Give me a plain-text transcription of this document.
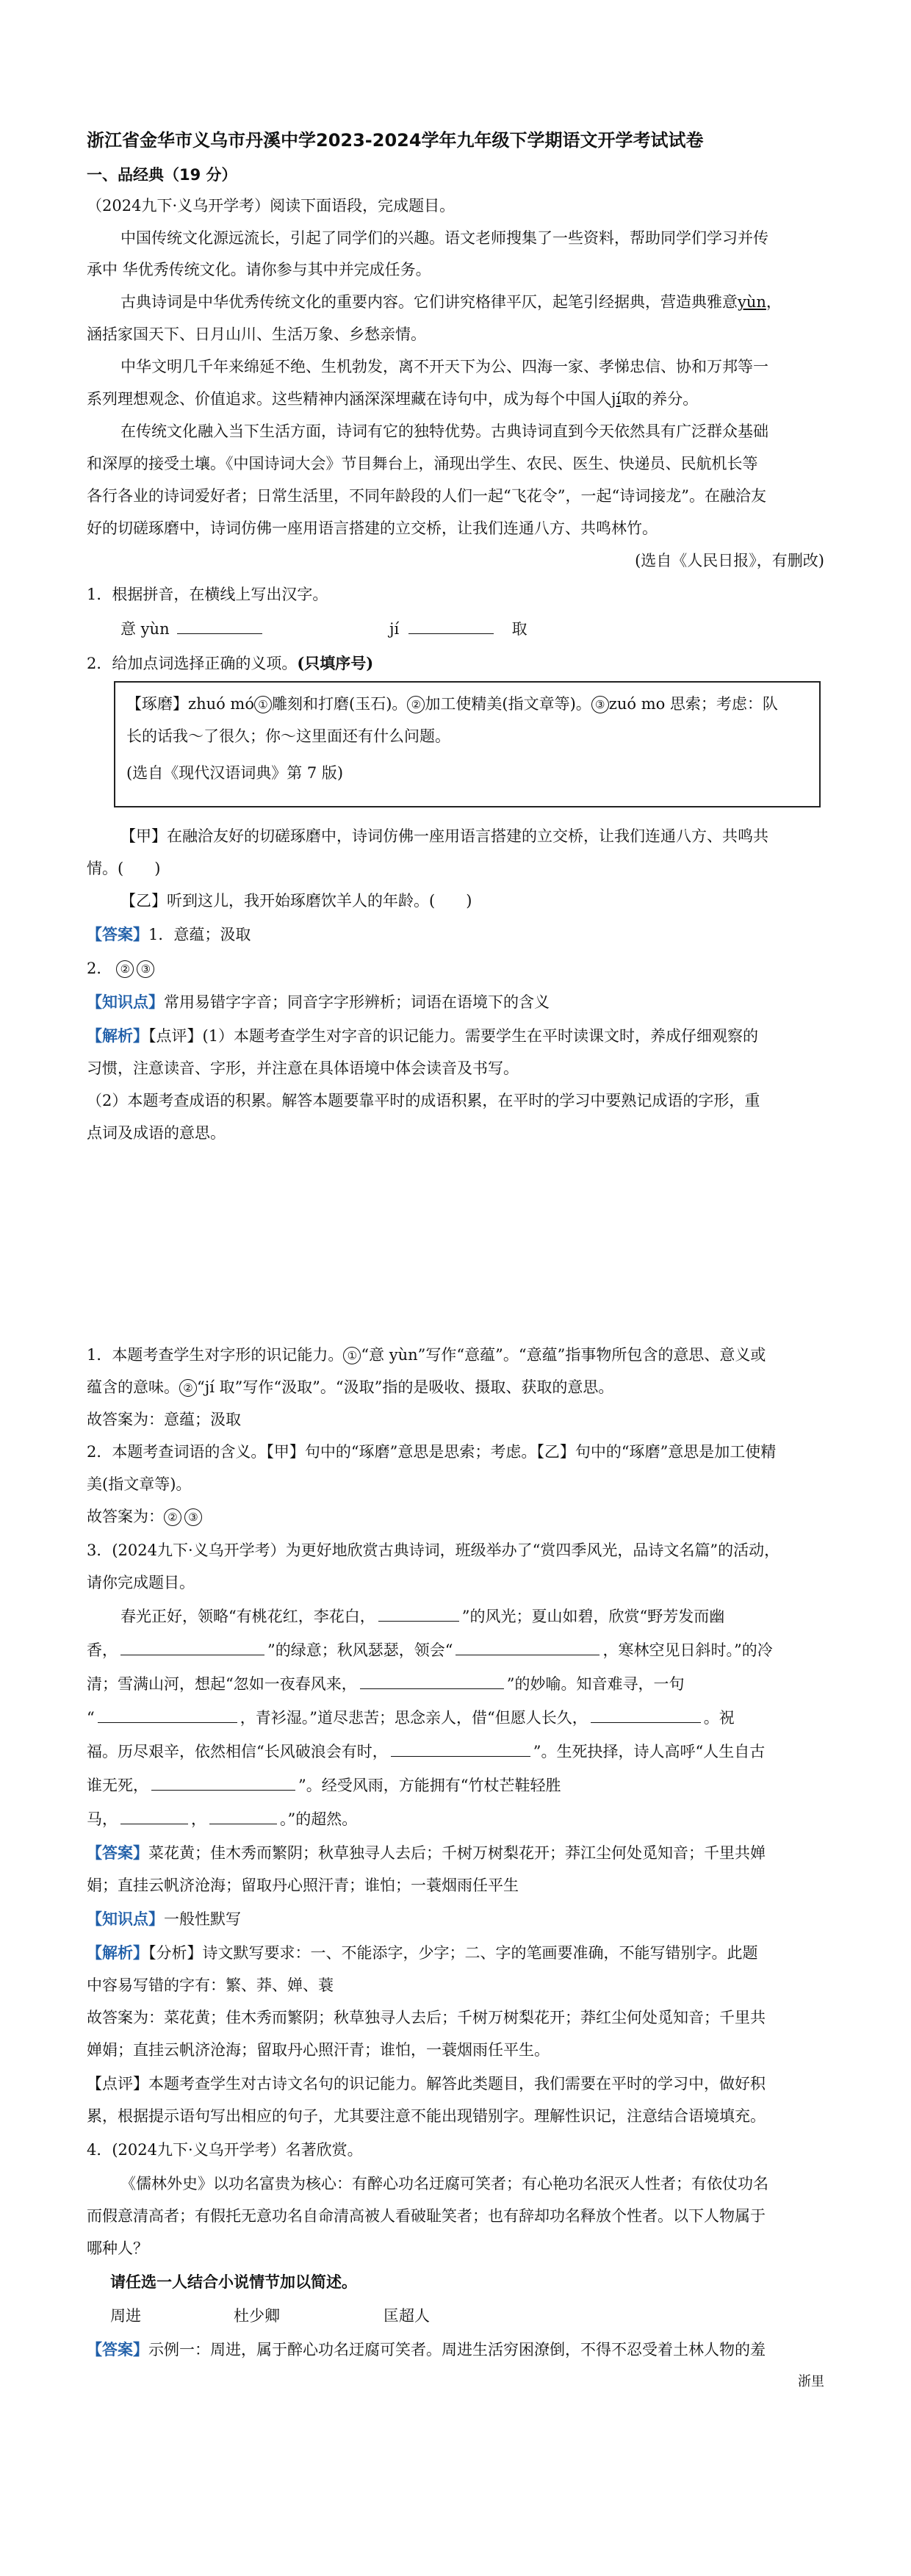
浙江省金华市义乌市丹溪中学2023-2024学年九年级下学期语文开学考试试卷
一、品经典（19 分）
（2024九下·义乌开学考）阅读下面语段，完成题目。
中国传统文化源远流长，引起了同学们的兴趣。语文老师搜集了一些资料，帮助同学们学习并传
承中 华优秀传统文化。请你参与其中并完成任务。
古典诗词是中华优秀传统文化的重要内容。它们讲究格律平仄，起笔引经据典，营造典雅意yùn，
涵括家国天下、日月山川、生活万象、乡愁亲情。
中华文明几千年来绵延不绝、生机勃发，离不开天下为公、四海一家、孝悌忠信、协和万邦等一
系列理想观念、价值追求。这些精神内涵深深埋藏在诗句中，成为每个中国人jí取的养分。
在传统文化融入当下生活方面，诗词有它的独特优势。古典诗词直到今天依然具有广泛群众基础
和深厚的接受土壤。《中国诗词大会》节目舞台上，涌现出学生、农民、医生、快递员、民航机长等
各行各业的诗词爱好者；日常生活里，不同年龄段的人们一起“飞花令”，一起“诗词接龙”。在融洽友
好的切磋琢磨中，诗词仿佛一座用语言搭建的立交桥，让我们连通八方、共鸣林竹。
(选自《人民日报》，有删改)
1．根据拼音，在横线上写出汉字。
意 yùn	jí	取
2．给加点词选择正确的义项。(只填序号)
【琢磨】zhuó mó ① 雕刻和打磨(玉石)。 ② 加工使精美(指文章等)。 ③ zuó mo 思索；考虑：队
长的话我～了很久；你～这里面还有什么问题。
(选自《现代汉语词典》第 7 版)
【甲】在融洽友好的切磋琢磨中，诗词仿佛一座用语言搭建的立交桥，让我们连通八方、共鸣共
情。(　　)
【乙】听到这儿，我开始琢磨饮羊人的年龄。(　　)
【答案】1．意蕴；汲取
2． ② ③
【知识点】常用易错字字音；同音字字形辨析；词语在语境下的含义
【解析】【点评】(1）本题考查学生对字音的识记能力。需要学生在平时读课文时，养成仔细观察的
习惯，注意读音、字形，并注意在具体语境中体会读音及书写。
（2）本题考查成语的积累。解答本题要靠平时的成语积累，在平时的学习中要熟记成语的字形，重
点词及成语的意思。
1．本题考查学生对字形的识记能力。 ① “意 yùn”写作“意蕴”。“意蕴”指事物所包含的意思、意义或
蕴含的意味。 ② “jí 取”写作“汲取”。“汲取”指的是吸收、摄取、获取的意思。
故答案为：意蕴；汲取
2．本题考查词语的含义。【甲】句中的“琢磨”意思是思索；考虑。【乙】句中的“琢磨”意思是加工使精
美(指文章等)。
故答案为： ② ③
3．(2024九下·义乌开学考）为更好地欣赏古典诗词，班级举办了“赏四季风光，品诗文名篇”的活动，
请你完成题目。
春光正好，领略“有桃花红，李花白，	”的风光；夏山如碧，欣赏“野芳发而幽
香，	”的绿意；秋风瑟瑟，领会“	，寒林空见日斜时。”的冷
清；雪满山河，想起“忽如一夜春风来，	”的妙喻。知音难寻，一句
“	，青衫湿。”道尽悲苦；思念亲人，借“但愿人长久，	。祝
福。历尽艰辛，依然相信“长风破浪会有时，	”。生死抉择，诗人高呼“人生自古
谁无死，	”。经受风雨，方能拥有“竹杖芒鞋轻胜
马，	，	。”的超然。
【答案】菜花黄；佳木秀而繁阴；秋草独寻人去后；千树万树梨花开；莽江尘何处觅知音；千里共婵
娟；直挂云帆济沧海；留取丹心照汗青；谁怕；一蓑烟雨任平生
【知识点】一般性默写
【解析】【分析】诗文默写要求：一、不能添字，少字；二、字的笔画要准确，不能写错别字。此题
中容易写错的字有：繁、莽、婵、蓑
故答案为：菜花黄；佳木秀而繁阴；秋草独寻人去后；千树万树梨花开；莽红尘何处觅知音；千里共
婵娟；直挂云帆济沧海；留取丹心照汗青；谁怕，一蓑烟雨任平生。
【点评】本题考查学生对古诗文名句的识记能力。解答此类题目，我们需要在平时的学习中，做好积
累，根据提示语句写出相应的句子，尤其要注意不能出现错别字。理解性识记，注意结合语境填充。
4．(2024九下·义乌开学考）名著欣赏。
《儒林外史》以功名富贵为核心：有醉心功名迂腐可笑者；有心艳功名泯灭人性者；有依仗功名
而假意清高者；有假托无意功名自命清高被人看破耻笑者；也有辞却功名释放个性者。以下人物属于
哪种人？
请任选一人结合小说情节加以简述。
周进	杜少卿	匡超人
【答案】示例一：周进，属于醉心功名迂腐可笑者。周进生活穷困潦倒，不得不忍受着土林人物的羞
浙里
